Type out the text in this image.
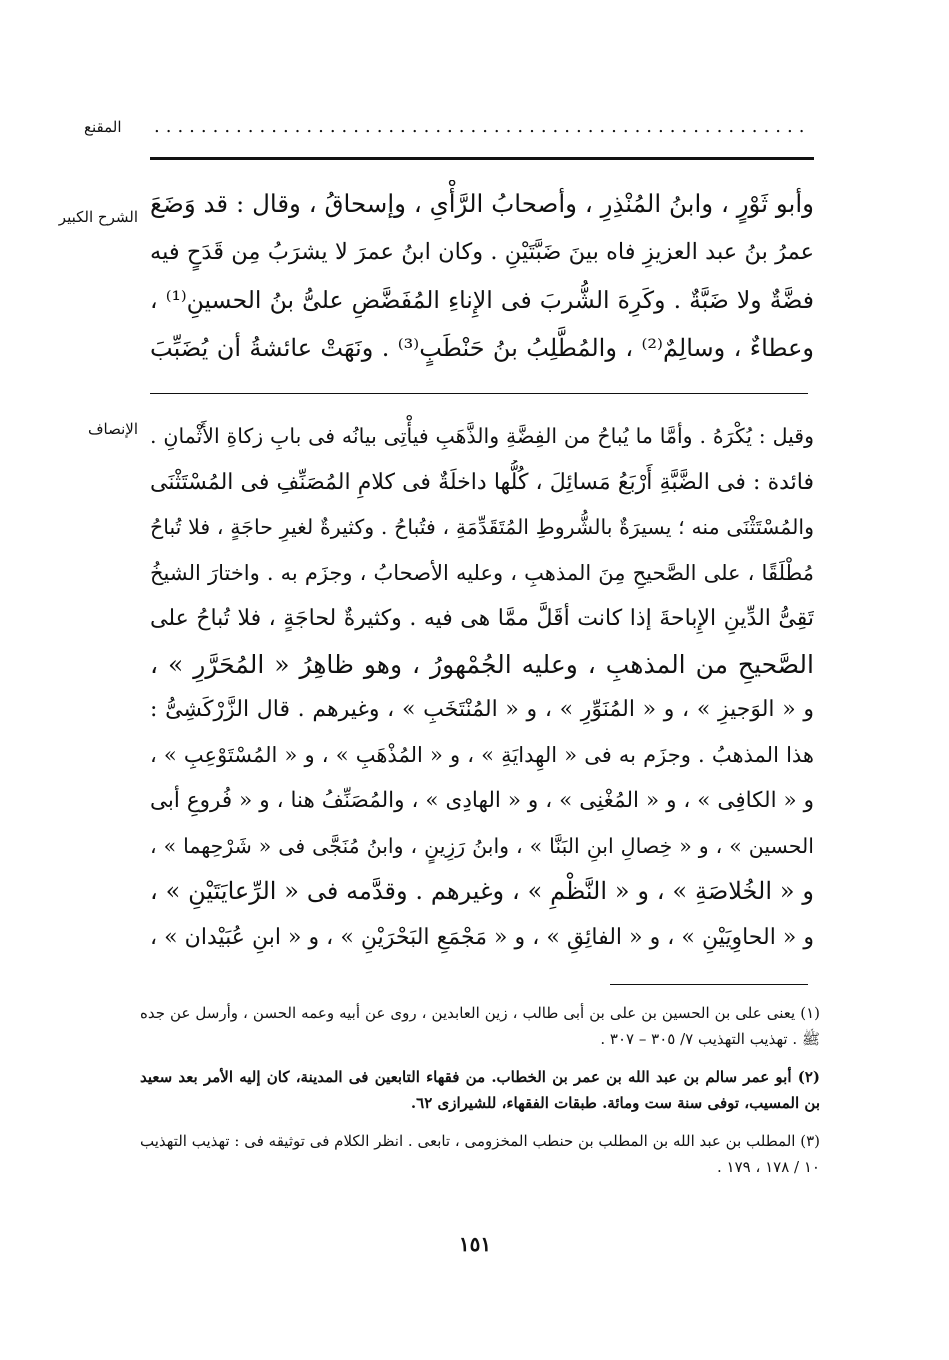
........................................................
المقنع
الشرح الكبير
الإنصاف
وأبو ثَوْرٍ ، وابنُ المُنْذِرِ ، وأصحابُ الرَّأْىِ ، وإسحاقُ ، وقال : قد وَضَعَ
عمرُ بنُ عبد العزيزِ فاه بينَ ضَبَّتَيْنِ . وكان ابنُ عمرَ لا يشرَبُ مِن قَدَحٍ فيه
فضَّةٌ ولا ضَبَّةٌ . وكَرِهَ الشُّربَ فى الإِناءِ المُفَضَّضِ علىُّ بنُ الحسينِ⁽¹⁾ ،
وعطاءٌ ، وسالِمٌ⁽²⁾ ، والمُطَّلِبُ بنُ حَنْطَبٍ⁽³⁾ . ونَهَتْ عائشةُ أن يُضَبِّبَ
وقيل : يُكْرَهُ . وأمَّا ما يُباحُ من الفِضَّةِ والذَّهَبِ فيأْتِى بيانُه فى بابِ زكاةِ الأَثْمانِ .
فائدة : فى الضَّبَّةِ أَرْبَعُ مَسائِلَ ، كُلُّها داخلَةٌ فى كلامِ المُصَنِّفِ فى المُسْتَثْنَى
والمُسْتَثْنَى منه ؛ يسيرَةٌ بالشُّروطِ المُتَقَدِّمَةِ ، فتُباحُ . وكثيرةٌ لغيرِ حاجَةٍ ، فلا تُباحُ
مُطْلَقًا ، على الصَّحيحِ مِنَ المذهبِ ، وعليه الأصحابُ ، وجزَم به . واختارَ الشيخُ
تَقِىُّ الدِّينِ الإِباحةَ إذا كانت أقَلَّ ممَّا هى فيه . وكثيرةٌ لحاجَةٍ ، فلا تُباحُ على
الصَّحيحِ من المذهبِ ، وعليه الجُمْهورُ ، وهو ظاهِرُ « المُحَرَّرِ » ،
و « الوَجيزِ » ، و « المُنَوِّرِ » ، و « المُنْتَخَبِ » ، وغيرهم . قال الزَّرْكَشِىُّ :
هذا المذهبُ . وجزَم به فى « الهِدايَةِ » ، و « المُذْهَبِ » ، و « المُسْتَوْعِبِ » ،
و « الكافِى » ، و « المُغْنِى » ، و « الهادِى » ، والمُصَنِّفُ هنا ، و « فُروعِ أبى
الحسين » ، و « خِصالِ ابنِ البَنَّا » ، وابنُ رَزِينٍ ، وابنُ مُنَجَّى فى « شَرْحِهما » ،
و « الخُلاصَةِ » ، و « النَّظْمِ » ، وغيرهم . وقدَّمه فى « الرِّعايَتَيْنِ » ،
و « الحاوِيَيْنِ » ، و « الفائِقِ » ، و « مَجْمَعِ البَحْرَيْنِ » ، و « ابنِ عُبَيْدان » ،
(١) يعنى على بن الحسين بن على بن أبى طالب ، زين العابدين ، روى عن أبيه وعمه الحسن ، وأرسل عن جده ﷺ . تهذيب التهذيب ٧/ ٣٠٥ – ٣٠٧ .
(٢) أبو عمر سالم بن عبد الله بن عمر بن الخطاب. من فقهاء التابعين فى المدينة، كان إليه الأمر بعد سعيد بن المسيب، توفى سنة ست ومائة. طبقات الفقهاء، للشيرازى ٦٢.
(٣) المطلب بن عبد الله بن المطلب بن حنطب المخزومى ، تابعى . انظر الكلام فى توثيقه فى : تهذيب التهذيب ١٠ / ١٧٨ ، ١٧٩ .
١٥١
